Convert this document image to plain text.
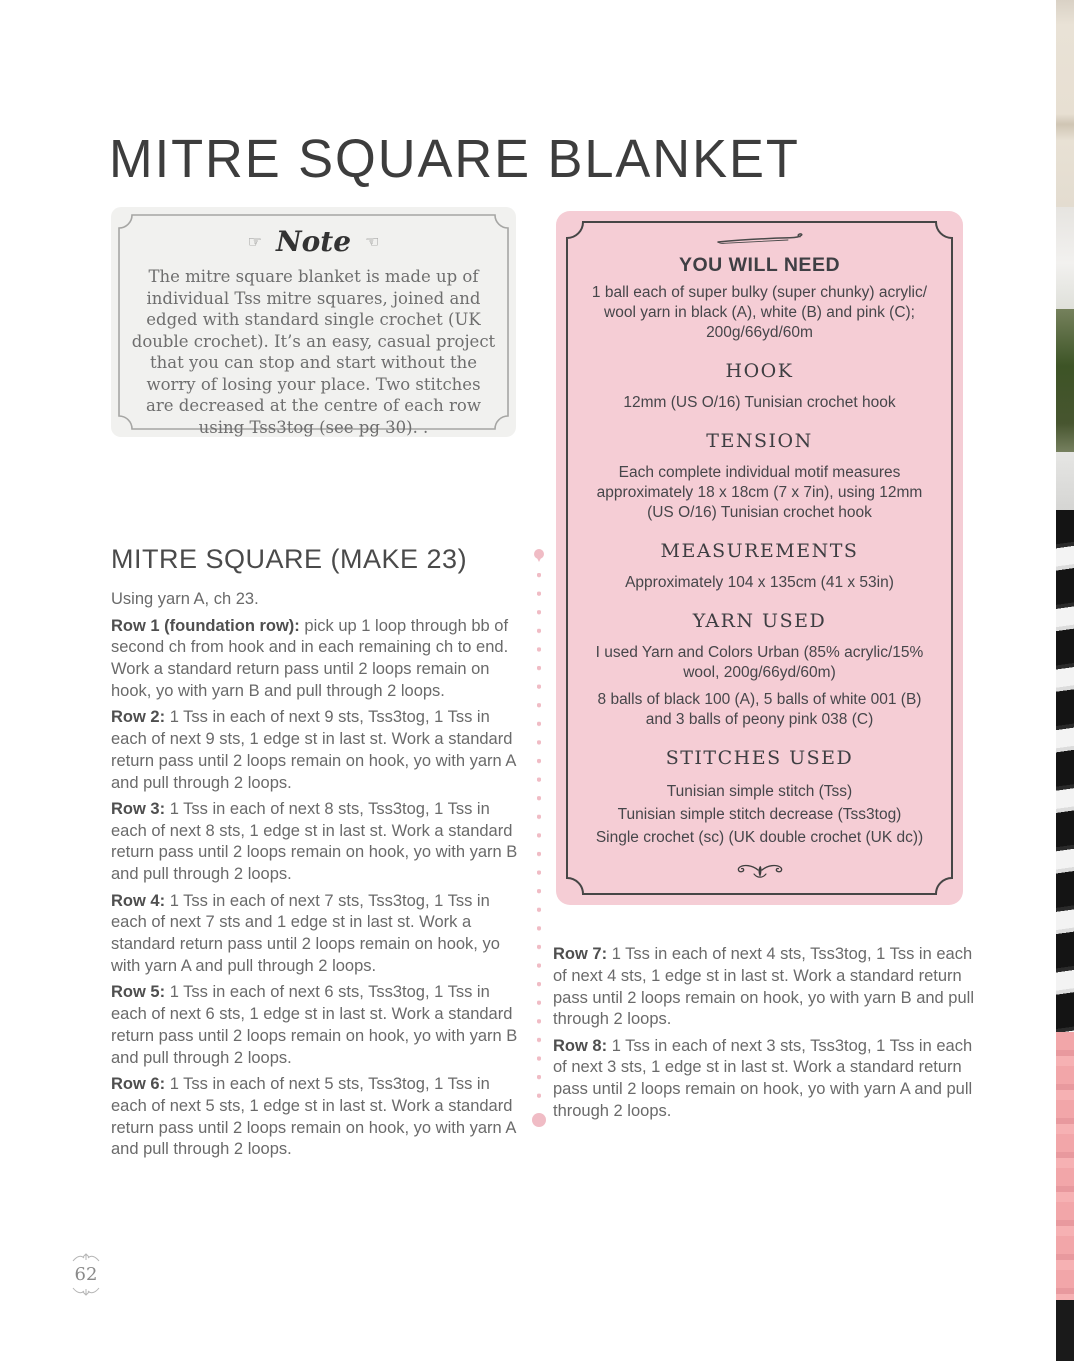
MITRE SQUARE BLANKET
☞ Note ☜

The mitre square blanket is made up of individual Tss mitre squares, joined and edged with standard single crochet (UK double crochet). It’s an easy, casual project that you can stop and start without the worry of losing your place. Two stitches are decreased at the centre of each row using Tss3tog (see pg 30). .

YOU WILL NEED

1 ball each of super bulky (super chunky) acrylic/ wool yarn in black (A), white (B) and pink (C); 200g/66yd/60m

HOOK

12mm (US O/16) Tunisian crochet hook

TENSION

Each complete individual motif measures approximately 18 x 18cm (7 x 7in), using 12mm (US O/16) Tunisian crochet hook

MEASUREMENTS

Approximately 104 x 135cm (41 x 53in)

YARN USED

I used Yarn and Colors Urban (85% acrylic/15% wool, 200g/66yd/60m)

8 balls of black 100 (A), 5 balls of white 001 (B) and 3 balls of peony pink 038 (C)

STITCHES USED

Tunisian simple stitch (Tss)

Tunisian simple stitch decrease (Tss3tog)

Single crochet (sc) (UK double crochet (UK dc))

MITRE SQUARE (MAKE 23)

Using yarn A, ch 23.

Row 1 (foundation row): pick up 1 loop through bb of second ch from hook and in each remaining ch to end. Work a standard return pass until 2 loops remain on hook, yo with yarn B and pull through 2 loops.

Row 2: 1 Tss in each of next 9 sts, Tss3tog, 1 Tss in each of next 9 sts, 1 edge st in last st. Work a standard return pass until 2 loops remain on hook, yo with yarn A and pull through 2 loops.

Row 3: 1 Tss in each of next 8 sts, Tss3tog, 1 Tss in each of next 8 sts, 1 edge st in last st. Work a standard return pass until 2 loops remain on hook, yo with yarn B and pull through 2 loops.

Row 4: 1 Tss in each of next 7 sts, Tss3tog, 1 Tss in each of next 7 sts and 1 edge st in last st. Work a standard return pass until 2 loops remain on hook, yo with yarn A and pull through 2 loops.

Row 5: 1 Tss in each of next 6 sts, Tss3tog, 1 Tss in each of next 6 sts, 1 edge st in last st. Work a standard return pass until 2 loops remain on hook, yo with yarn B and pull through 2 loops.

Row 6: 1 Tss in each of next 5 sts, Tss3tog, 1 Tss in each of next 5 sts, 1 edge st in last st. Work a standard return pass until 2 loops remain on hook, yo with yarn A and pull through 2 loops.

Row 7: 1 Tss in each of next 4 sts, Tss3tog, 1 Tss in each of next 4 sts, 1 edge st in last st. Work a standard return pass until 2 loops remain on hook, yo with yarn B and pull through 2 loops.

Row 8: 1 Tss in each of next 3 sts, Tss3tog, 1 Tss in each of next 3 sts, 1 edge st in last st. Work a standard return pass until 2 loops remain on hook, yo with yarn A and pull through 2 loops.

62
